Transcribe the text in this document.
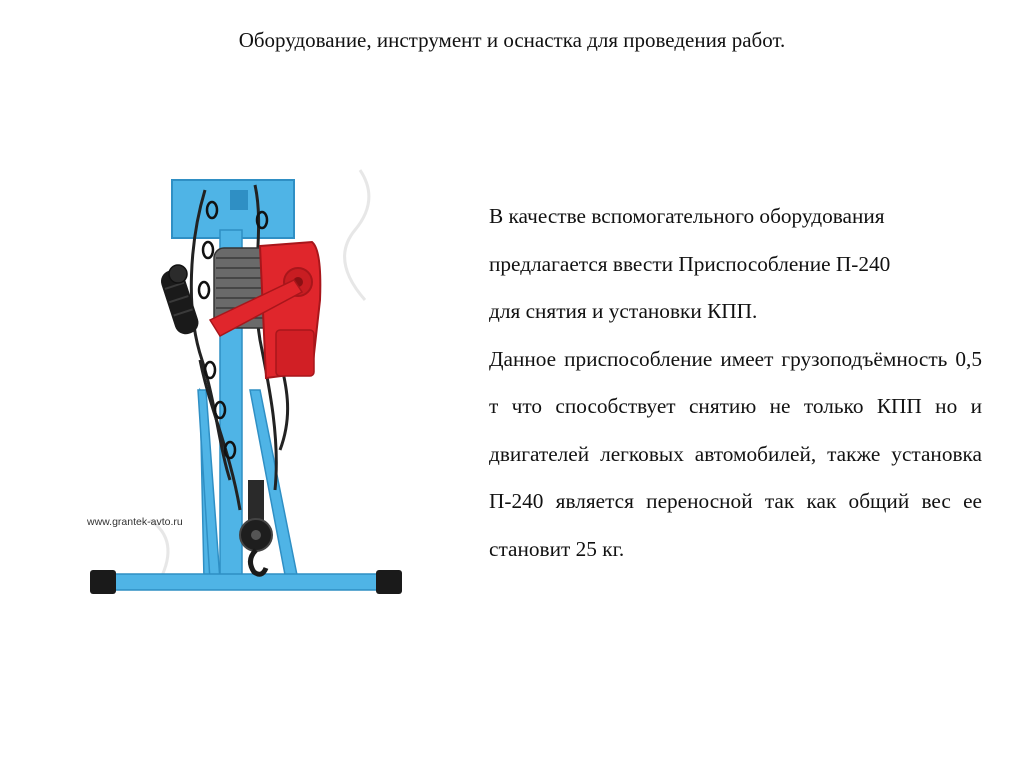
Оборудование, инструмент и оснастка для проведения работ.
www.grantek-avto.ru
В качестве вспомогательного оборудования
предлагается ввести Приспособление П-240
для снятия и установки КПП.

Данное приспособление имеет грузоподъёмность 0,5 т что способствует снятию не только КПП но и двигателей легковых автомобилей, также установка П-240 является переносной так как общий вес ее становит 25 кг.
